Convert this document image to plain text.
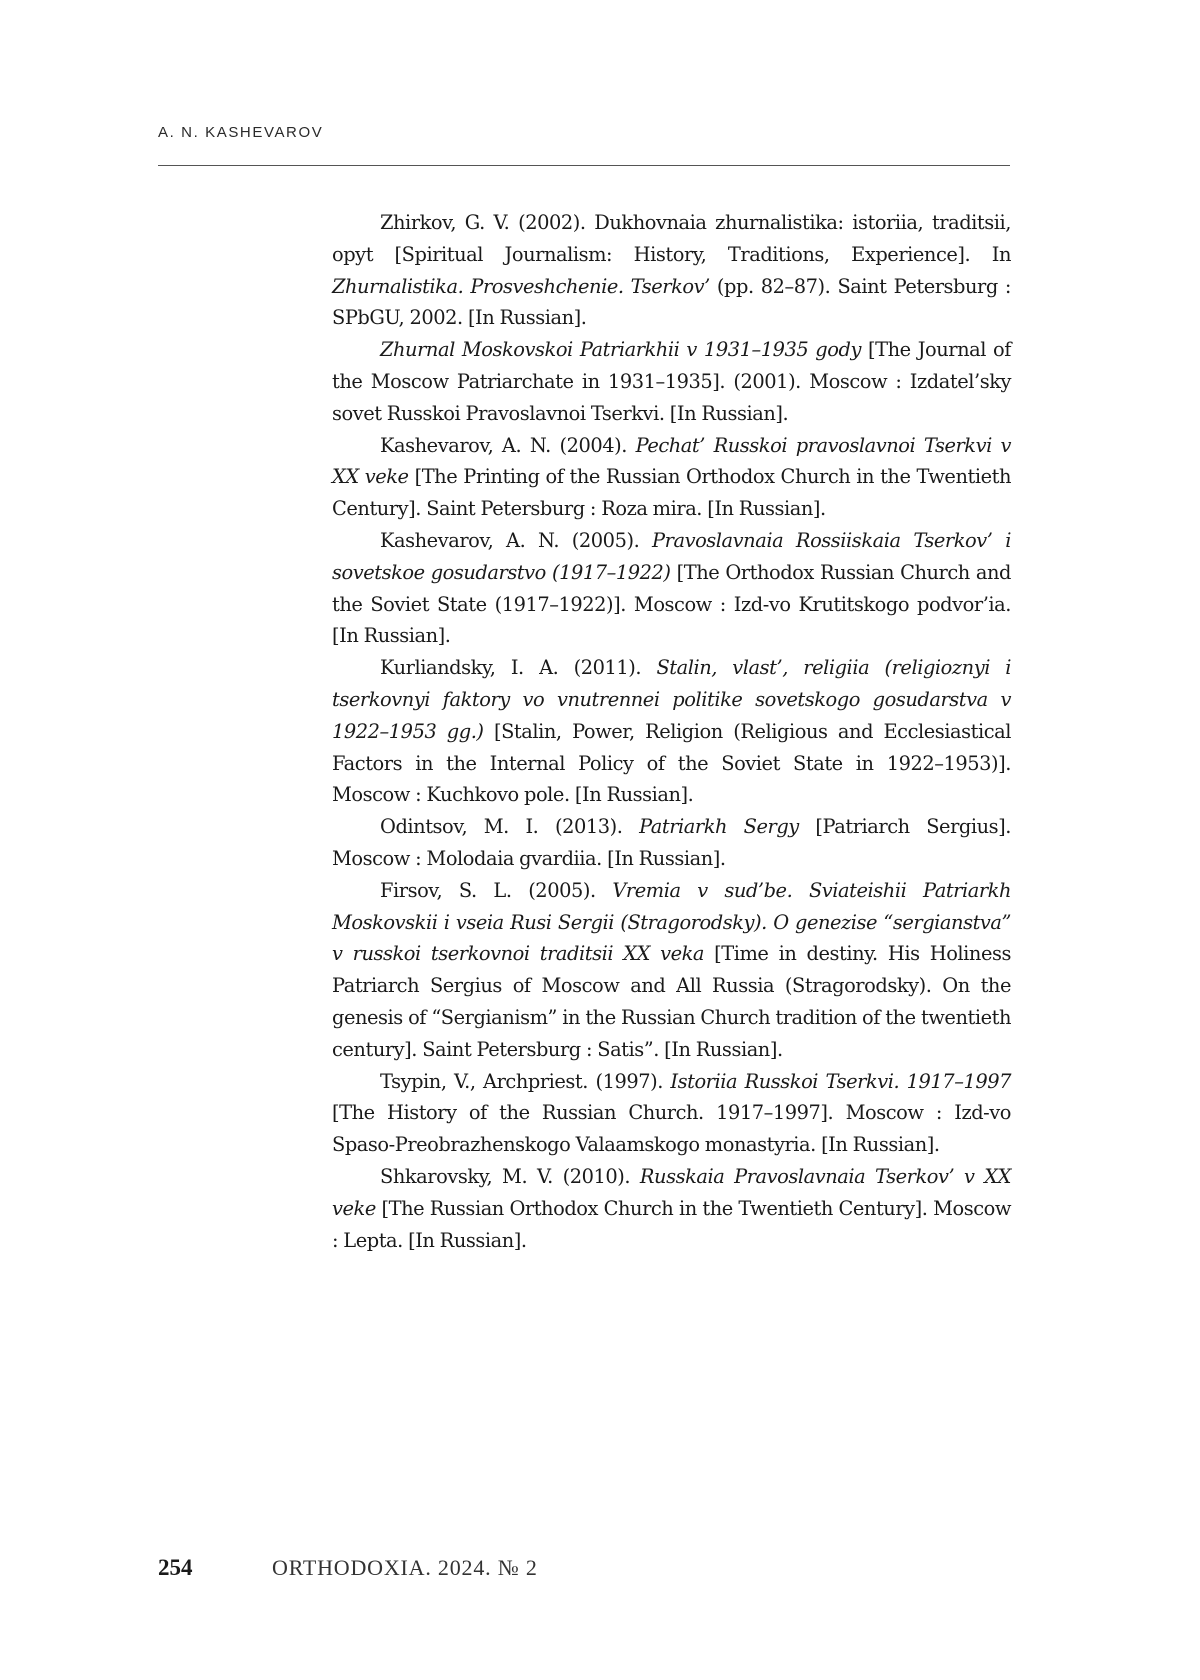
A. N. KASHEVAROV
Zhirkov, G. V. (2002). Dukhovnaia zhurnalistika: istoriia, traditsii, opyt [Spiritual Journalism: History, Traditions, Experience]. In Zhurnalistika. Prosveshchenie. Tserkov’ (pp. 82–87). Saint Petersburg : SPbGU, 2002. [In Russian].
Zhurnal Moskovskoi Patriarkhii v 1931–1935 gody [The Journal of the Moscow Patriarchate in 1931–1935]. (2001). Moscow : Izdatel’sky sovet Russkoi Pravoslavnoi Tserkvi. [In Russian].
Kashevarov, A. N. (2004). Pechat’ Russkoi pravoslavnoi Tserkvi v XX veke [The Printing of the Russian Orthodox Church in the Twentieth Century]. Saint Petersburg : Roza mira. [In Russian].
Kashevarov, A. N. (2005). Pravoslavnaia Rossiiskaia Tserkov’ i sovetskoe gosudarstvo (1917–1922) [The Orthodox Russian Church and the Soviet State (1917–1922)]. Moscow : Izd-vo Krutitskogo podvor’ia. [In Russian].
Kurliandsky, I. A. (2011). Stalin, vlast’, religiia (religioznyi i tserkovnyi faktory vo vnutrennei politike sovetskogo gosudarstva v 1922–1953 gg.) [Stalin, Power, Religion (Religious and Ecclesiastical Factors in the Internal Policy of the Soviet State in 1922–1953)]. Moscow : Kuchkovo pole. [In Russian].
Odintsov, M. I. (2013). Patriarkh Sergy [Patriarch Sergius]. Moscow : Molodaia gvardiia. [In Russian].
Firsov, S. L. (2005). Vremia v sud’be. Sviateishii Patriarkh Moskovskii i vseia Rusi Sergii (Stragorodsky). O genezise “sergianstva” v russkoi tserkovnoi traditsii XX veka [Time in destiny. His Holiness Patriarch Sergius of Moscow and All Russia (Stragorodsky). On the genesis of “Sergianism” in the Russian Church tradition of the twentieth century]. Saint Petersburg : Satis”. [In Russian].
Tsypin, V., Archpriest. (1997). Istoriia Russkoi Tserkvi. 1917–1997 [The History of the Russian Church. 1917–1997]. Moscow : Izd-vo Spaso-Preobrazhenskogo Valaamskogo monastyria. [In Russian].
Shkarovsky, M. V. (2010). Russkaia Pravoslavnaia Tserkov’ v XX veke [The Russian Orthodox Church in the Twentieth Century]. Moscow : Lepta. [In Russian].
254	ORTHODOXIA. 2024. № 2
